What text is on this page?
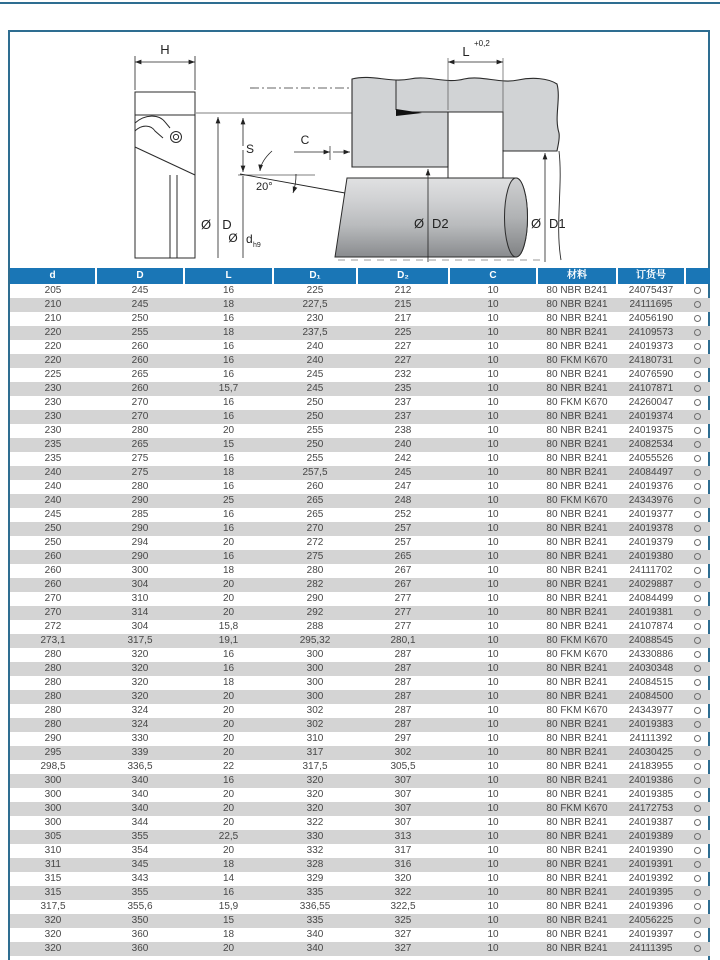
H
Ø D
S
Ø d h9
C
20°
L
+0,2
Ø D2	Ø D1
d	D	L	D₁	D₂	C	材料	订货号	
205	245	16	225	212	10	80 NBR B241	24075437	
210	245	18	227,5	215	10	80 NBR B241	24111695	
210	250	16	230	217	10	80 NBR B241	24056190	
220	255	18	237,5	225	10	80 NBR B241	24109573	
220	260	16	240	227	10	80 NBR B241	24019373	
220	260	16	240	227	10	80 FKM K670	24180731	
225	265	16	245	232	10	80 NBR B241	24076590	
230	260	15,7	245	235	10	80 NBR B241	24107871	
230	270	16	250	237	10	80 FKM K670	24260047	
230	270	16	250	237	10	80 NBR B241	24019374	
230	280	20	255	238	10	80 NBR B241	24019375	
235	265	15	250	240	10	80 NBR B241	24082534	
235	275	16	255	242	10	80 NBR B241	24055526	
240	275	18	257,5	245	10	80 NBR B241	24084497	
240	280	16	260	247	10	80 NBR B241	24019376	
240	290	25	265	248	10	80 FKM K670	24343976	
245	285	16	265	252	10	80 NBR B241	24019377	
250	290	16	270	257	10	80 NBR B241	24019378	
250	294	20	272	257	10	80 NBR B241	24019379	
260	290	16	275	265	10	80 NBR B241	24019380	
260	300	18	280	267	10	80 NBR B241	24111702	
260	304	20	282	267	10	80 NBR B241	24029887	
270	310	20	290	277	10	80 NBR B241	24084499	
270	314	20	292	277	10	80 NBR B241	24019381	
272	304	15,8	288	277	10	80 NBR B241	24107874	
273,1	317,5	19,1	295,32	280,1	10	80 FKM K670	24088545	
280	320	16	300	287	10	80 FKM K670	24330886	
280	320	16	300	287	10	80 NBR B241	24030348	
280	320	18	300	287	10	80 NBR B241	24084515	
280	320	20	300	287	10	80 NBR B241	24084500	
280	324	20	302	287	10	80 FKM K670	24343977	
280	324	20	302	287	10	80 NBR B241	24019383	
290	330	20	310	297	10	80 NBR B241	24111392	
295	339	20	317	302	10	80 NBR B241	24030425	
298,5	336,5	22	317,5	305,5	10	80 NBR B241	24183955	
300	340	16	320	307	10	80 NBR B241	24019386	
300	340	20	320	307	10	80 NBR B241	24019385	
300	340	20	320	307	10	80 FKM K670	24172753	
300	344	20	322	307	10	80 NBR B241	24019387	
305	355	22,5	330	313	10	80 NBR B241	24019389	
310	354	20	332	317	10	80 NBR B241	24019390	
311	345	18	328	316	10	80 NBR B241	24019391	
315	343	14	329	320	10	80 NBR B241	24019392	
315	355	16	335	322	10	80 NBR B241	24019395	
317,5	355,6	15,9	336,55	322,5	10	80 NBR B241	24019396	
320	350	15	335	325	10	80 NBR B241	24056225	
320	360	18	340	327	10	80 NBR B241	24019397	
320	360	20	340	327	10	80 NBR B241	24111395	
